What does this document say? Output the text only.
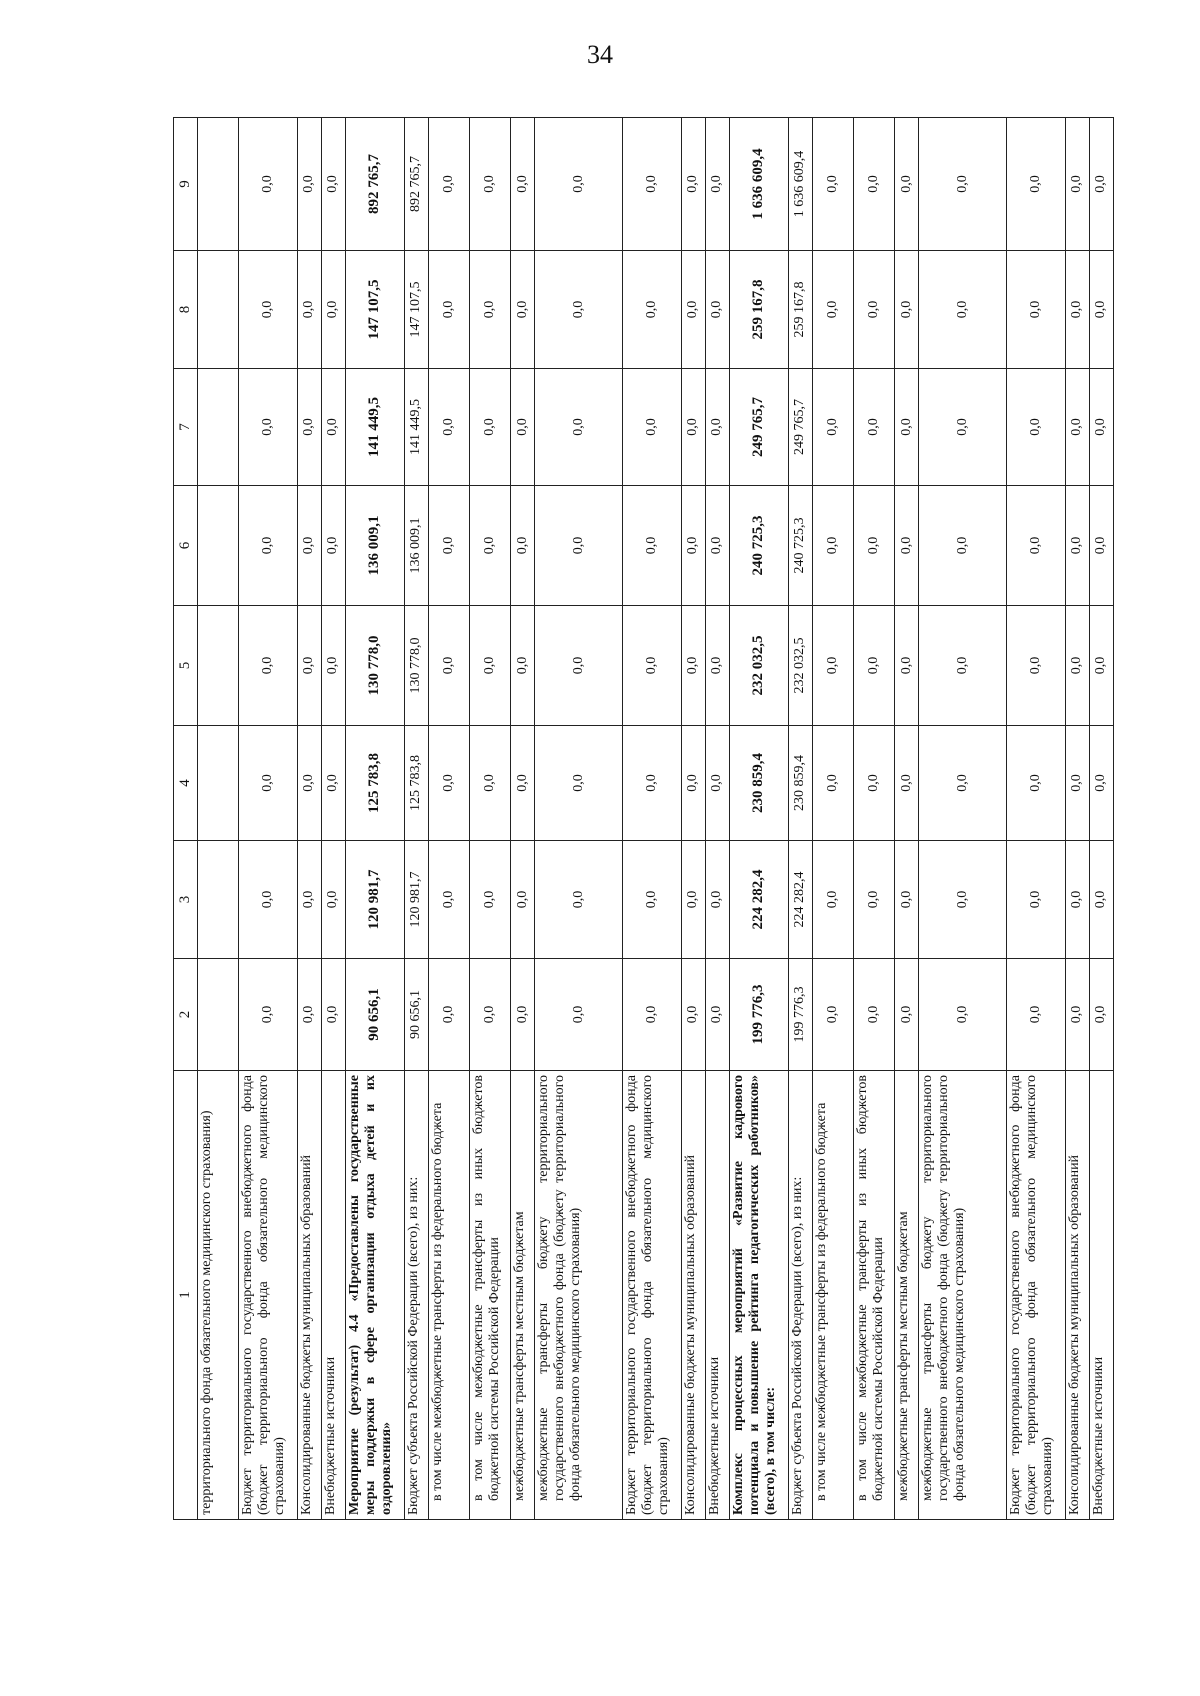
34
1	2	3	4	5	6	7	8	9
территориального фонда обязательного медицинского страхования)								
Бюджет территориального государственного внебюджетного фонда (бюджет территориального фонда обязательного медицинского страхования)	0,0	0,0	0,0	0,0	0,0	0,0	0,0	0,0
Консолидированные бюджеты муниципальных образований	0,0	0,0	0,0	0,0	0,0	0,0	0,0	0,0
Внебюджетные источники	0,0	0,0	0,0	0,0	0,0	0,0	0,0	0,0
Мероприятие (результат) 4.4 «Предоставлены государственные меры поддержки в сфере организации отдыха детей и их оздоровления»	90 656,1	120 981,7	125 783,8	130 778,0	136 009,1	141 449,5	147 107,5	892 765,7
Бюджет субъекта Российской Федерации (всего), из них:	90 656,1	120 981,7	125 783,8	130 778,0	136 009,1	141 449,5	147 107,5	892 765,7
в том числе межбюджетные трансферты из федерального бюджета	0,0	0,0	0,0	0,0	0,0	0,0	0,0	0,0
в том числе межбюджетные трансферты из иных бюджетов бюджетной системы Российской Федерации	0,0	0,0	0,0	0,0	0,0	0,0	0,0	0,0
межбюджетные трансферты местным бюджетам	0,0	0,0	0,0	0,0	0,0	0,0	0,0	0,0
межбюджетные трансферты бюджету территориального государственного внебюджетного фонда (бюджету территориального фонда обязательного медицинского страхования)	0,0	0,0	0,0	0,0	0,0	0,0	0,0	0,0
Бюджет территориального государственного внебюджетного фонда (бюджет территориального фонда обязательного медицинского страхования)	0,0	0,0	0,0	0,0	0,0	0,0	0,0	0,0
Консолидированные бюджеты муниципальных образований	0,0	0,0	0,0	0,0	0,0	0,0	0,0	0,0
Внебюджетные источники	0,0	0,0	0,0	0,0	0,0	0,0	0,0	0,0
Комплекс процессных мероприятий «Развитие кадрового потенциала и повышение рейтинга педагогических работников» (всего), в том числе:	199 776,3	224 282,4	230 859,4	232 032,5	240 725,3	249 765,7	259 167,8	1 636 609,4
Бюджет субъекта Российской Федерации (всего), из них:	199 776,3	224 282,4	230 859,4	232 032,5	240 725,3	249 765,7	259 167,8	1 636 609,4
в том числе межбюджетные трансферты из федерального бюджета	0,0	0,0	0,0	0,0	0,0	0,0	0,0	0,0
в том числе межбюджетные трансферты из иных бюджетов бюджетной системы Российской Федерации	0,0	0,0	0,0	0,0	0,0	0,0	0,0	0,0
межбюджетные трансферты местным бюджетам	0,0	0,0	0,0	0,0	0,0	0,0	0,0	0,0
межбюджетные трансферты бюджету территориального государственного внебюджетного фонда (бюджету территориального фонда обязательного медицинского страхования)	0,0	0,0	0,0	0,0	0,0	0,0	0,0	0,0
Бюджет территориального государственного внебюджетного фонда (бюджет территориального фонда обязательного медицинского страхования)	0,0	0,0	0,0	0,0	0,0	0,0	0,0	0,0
Консолидированные бюджеты муниципальных образований	0,0	0,0	0,0	0,0	0,0	0,0	0,0	0,0
Внебюджетные источники	0,0	0,0	0,0	0,0	0,0	0,0	0,0	0,0
